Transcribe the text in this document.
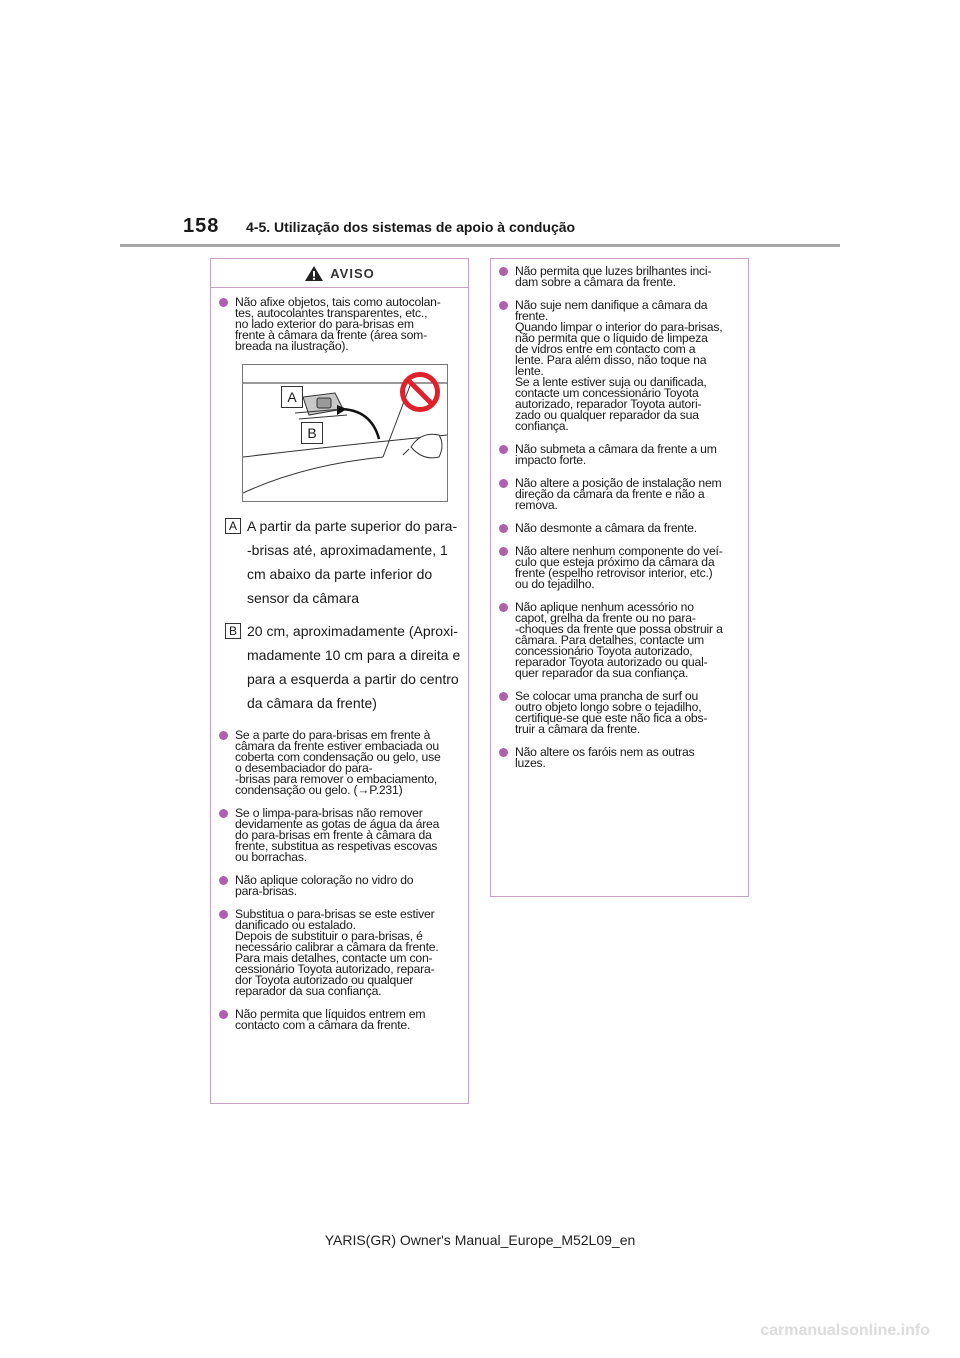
158 4-5. Utilização dos sistemas de apoio à condução
AVISO
Não afixe objetos, tais como autocolan-
tes, autocolantes transparentes, etc.,
no lado exterior do para-brisas em
frente à câmara da frente (área som-
breada na ilustração).
A
B
A A partir da parte superior do para-
-brisas até, aproximadamente, 1
cm abaixo da parte inferior do
sensor da câmara
B 20 cm, aproximadamente (Aproxi-
madamente 10 cm para a direita e
para a esquerda a partir do centro
da câmara da frente)
Se a parte do para-brisas em frente à
câmara da frente estiver embaciada ou
coberta com condensação ou gelo, use
o desembaciador do para-
-brisas para remover o embaciamento,
condensação ou gelo. (→P.231)
Se o limpa-para-brisas não remover
devidamente as gotas de água da área
do para-brisas em frente à câmara da
frente, substitua as respetivas escovas
ou borrachas.
Não aplique coloração no vidro do
para-brisas.
Substitua o para-brisas se este estiver
danificado ou estalado.
Depois de substituir o para-brisas, é
necessário calibrar a câmara da frente.
Para mais detalhes, contacte um con-
cessionário Toyota autorizado, repara-
dor Toyota autorizado ou qualquer
reparador da sua confiança.
Não permita que líquidos entrem em
contacto com a câmara da frente.
Não permita que luzes brilhantes inci-
dam sobre a câmara da frente.
Não suje nem danifique a câmara da
frente.
Quando limpar o interior do para-brisas,
não permita que o líquido de limpeza
de vidros entre em contacto com a
lente. Para além disso, não toque na
lente.
Se a lente estiver suja ou danificada,
contacte um concessionário Toyota
autorizado, reparador Toyota autori-
zado ou qualquer reparador da sua
confiança.
Não submeta a câmara da frente a um
impacto forte.
Não altere a posição de instalação nem
direção da câmara da frente e não a
remova.
Não desmonte a câmara da frente.
Não altere nenhum componente do veí-
culo que esteja próximo da câmara da
frente (espelho retrovisor interior, etc.)
ou do tejadilho.
Não aplique nenhum acessório no
capot, grelha da frente ou no para-
-choques da frente que possa obstruir a
câmara. Para detalhes, contacte um
concessionário Toyota autorizado,
reparador Toyota autorizado ou qual-
quer reparador da sua confiança.
Se colocar uma prancha de surf ou
outro objeto longo sobre o tejadilho,
certifique-se que este não fica a obs-
truir a câmara da frente.
Não altere os faróis nem as outras
luzes.
YARIS(GR) Owner's Manual_Europe_M52L09_en
carmanualsonline.info
